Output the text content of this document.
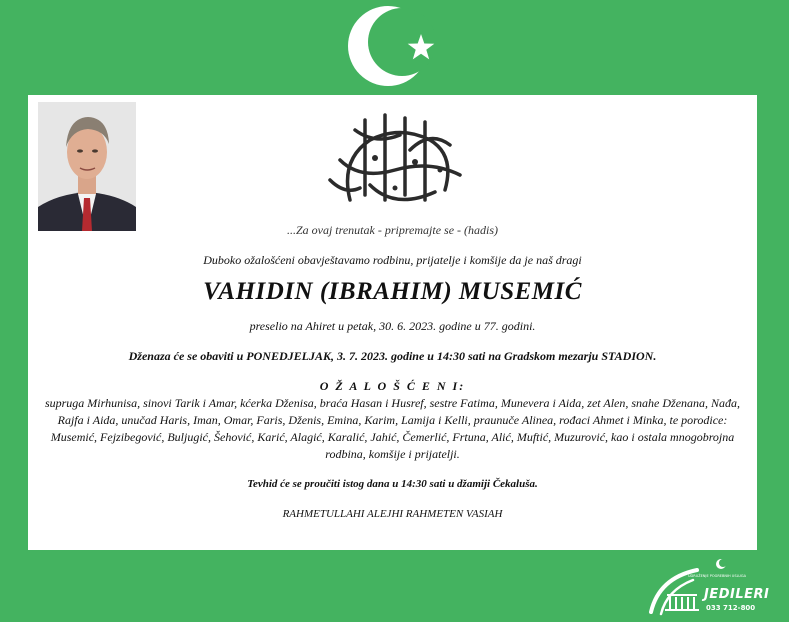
...Za ovaj trenutak - pripremajte se - (hadis)
Duboko ožalošćeni obavještavamo rodbinu, prijatelje i komšije da je naš dragi
VAHIDIN (IBRAHIM) MUSEMIĆ
preselio na Ahiret u petak, 30. 6. 2023. godine u 77. godini.
Dženaza će se obaviti u PONEDJELJAK, 3. 7. 2023. godine u 14:30 sati na Gradskom mezarju STADION.
O Ž A L O Š Ć E N I:
supruga Mirhunisa, sinovi Tarik i Amar, kćerka Dženisa, braća Hasan i Husref, sestre Fatima, Munevera i Aida, zet Alen, snahe Dženana, Nađa, Rajfa i Aida, unučad Haris, Iman, Omar, Faris, Dženis, Emina, Karim, Lamija i Kelli, praunuče Alinea, rođaci Ahmet i Minka, te porodice: Musemić, Fejzibegović, Buljugić, Šehović, Karić, Alagić, Karalić, Jahić, Čemerlić, Frtuna, Alić, Muftić, Muzurović, kao i ostala mnogobrojna rodbina, komšije i prijatelji.
Tevhid će se proučiti istog dana u 14:30 sati u džamiji Čekaluša.
RAHMETULLAHI ALEJHI RAHMETEN VASIAH
UDRUŽENJE POGREBNIH USLUGA
JEDILERI
033 712-800
